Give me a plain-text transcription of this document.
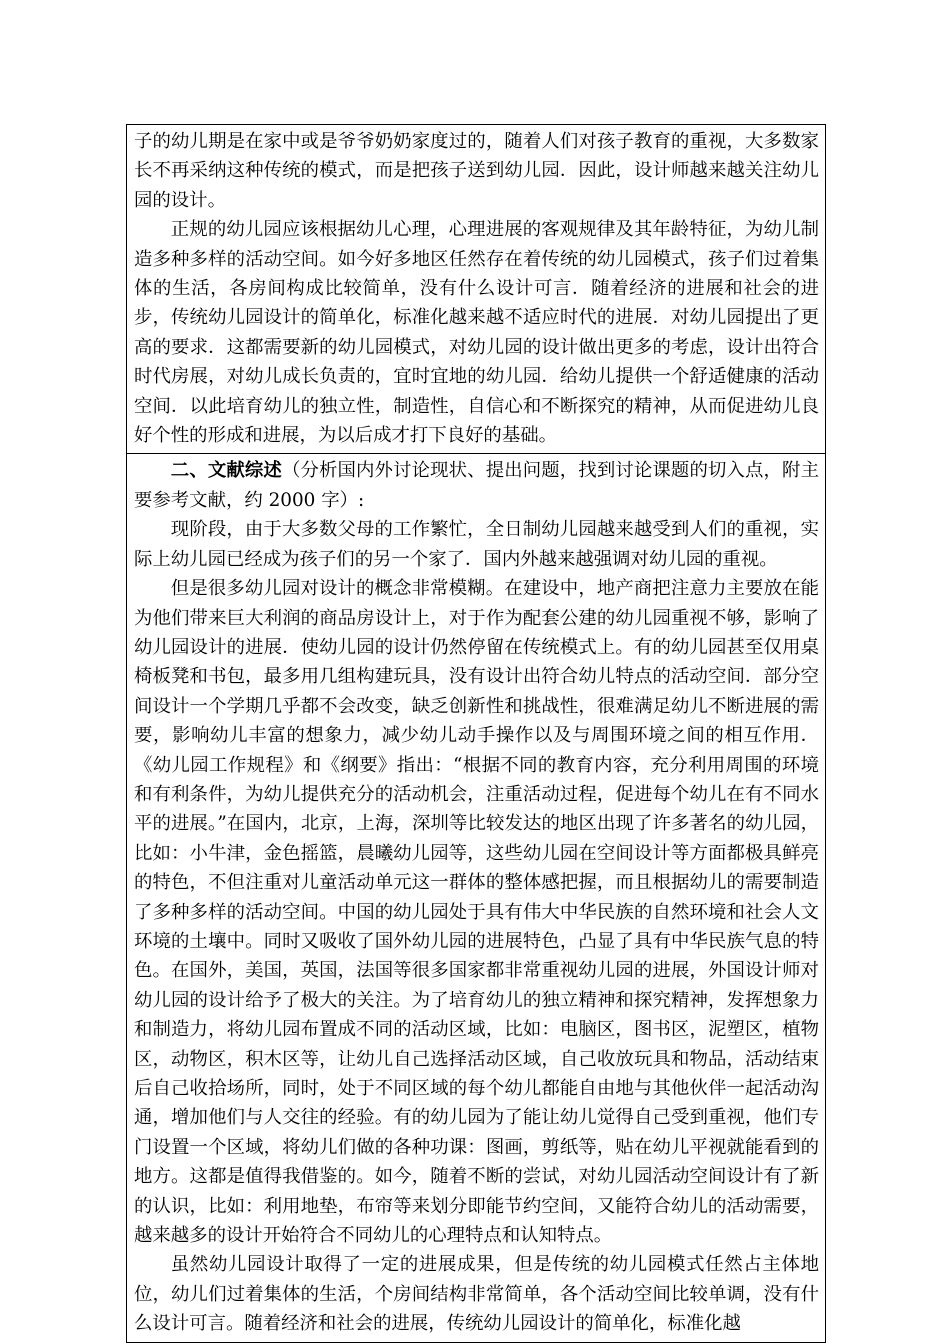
子的幼儿期是在家中或是爷爷奶奶家度过的，随着人们对孩子教育的重视，大多数家长不再采纳这种传统的模式，而是把孩子送到幼儿园．因此，设计师越来越关注幼儿园的设计。

正规的幼儿园应该根据幼儿心理，心理进展的客观规律及其年龄特征，为幼儿制造多种多样的活动空间。如今好多地区任然存在着传统的幼儿园模式，孩子们过着集体的生活，各房间构成比较简单，没有什么设计可言．随着经济的进展和社会的进步，传统幼儿园设计的简单化，标准化越来越不适应时代的进展．对幼儿园提出了更高的要求．这都需要新的幼儿园模式，对幼儿园的设计做出更多的考虑，设计出符合时代房展，对幼儿成长负责的，宜时宜地的幼儿园．给幼儿提供一个舒适健康的活动空间．以此培育幼儿的独立性，制造性，自信心和不断探究的精神，从而促进幼儿良好个性的形成和进展，为以后成才打下良好的基础。

二、文献综述（分析国内外讨论现状、提出问题，找到讨论课题的切入点，附主要参考文献，约 2000 字）:

现阶段，由于大多数父母的工作繁忙，全日制幼儿园越来越受到人们的重视，实际上幼儿园已经成为孩子们的另一个家了．国内外越来越强调对幼儿园的重视。

但是很多幼儿园对设计的概念非常模糊。在建设中，地产商把注意力主要放在能为他们带来巨大利润的商品房设计上，对于作为配套公建的幼儿园重视不够，影响了幼儿园设计的进展．使幼儿园的设计仍然停留在传统模式上。有的幼儿园甚至仅用桌椅板凳和书包，最多用几组构建玩具，没有设计出符合幼儿特点的活动空间．部分空间设计一个学期几乎都不会改变，缺乏创新性和挑战性，很难满足幼儿不断进展的需要，影响幼儿丰富的想象力，减少幼儿动手操作以及与周围环境之间的相互作用．《幼儿园工作规程》和《纲要》指出：“根据不同的教育内容，充分利用周围的环境和有利条件，为幼儿提供充分的活动机会，注重活动过程，促进每个幼儿在有不同水平的进展。”在国内，北京，上海，深圳等比较发达的地区出现了许多著名的幼儿园，比如：小牛津，金色摇篮，晨曦幼儿园等，这些幼儿园在空间设计等方面都极具鲜亮的特色，不但注重对儿童活动单元这一群体的整体感把握，而且根据幼儿的需要制造了多种多样的活动空间。中国的幼儿园处于具有伟大中华民族的自然环境和社会人文环境的土壤中。同时又吸收了国外幼儿园的进展特色，凸显了具有中华民族气息的特色。在国外，美国，英国，法国等很多国家都非常重视幼儿园的进展，外国设计师对幼儿园的设计给予了极大的关注。为了培育幼儿的独立精神和探究精神，发挥想象力和制造力，将幼儿园布置成不同的活动区域，比如：电脑区，图书区，泥塑区，植物区，动物区，积木区等，让幼儿自己选择活动区域，自己收放玩具和物品，活动结束后自己收拾场所，同时，处于不同区域的每个幼儿都能自由地与其他伙伴一起活动沟通，增加他们与人交往的经验。有的幼儿园为了能让幼儿觉得自己受到重视，他们专门设置一个区域，将幼儿们做的各种功课：图画，剪纸等，贴在幼儿平视就能看到的地方。这都是值得我借鉴的。如今，随着不断的尝试，对幼儿园活动空间设计有了新的认识，比如：利用地垫，布帘等来划分即能节约空间，又能符合幼儿的活动需要，越来越多的设计开始符合不同幼儿的心理特点和认知特点。

虽然幼儿园设计取得了一定的进展成果，但是传统的幼儿园模式任然占主体地位，幼儿们过着集体的生活，个房间结构非常简单，各个活动空间比较单调，没有什么设计可言。随着经济和社会的进展，传统幼儿园设计的简单化，标准化越
